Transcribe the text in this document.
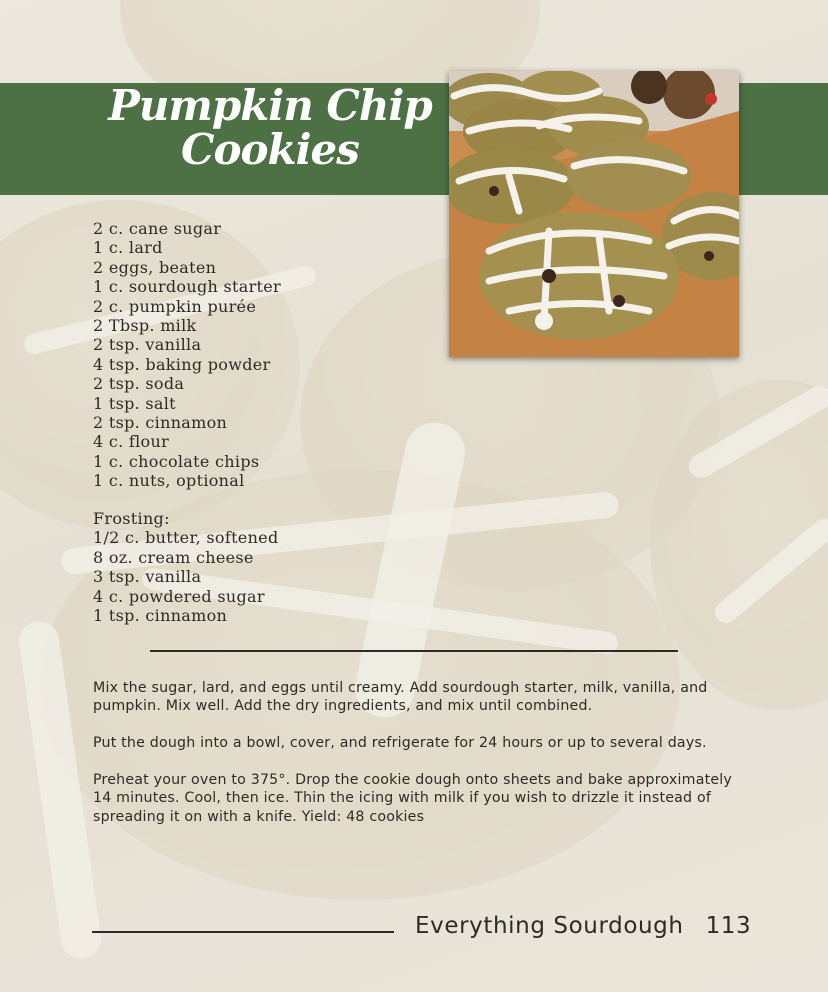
Pumpkin Chip
Cookies
2 c. cane sugar
1 c. lard
2 eggs, beaten
1 c. sourdough starter
2 c. pumpkin purée
2 Tbsp. milk
2 tsp. vanilla
4 tsp. baking powder
2 tsp. soda
1 tsp. salt
2 tsp. cinnamon
4 c. flour
1 c. chocolate chips
1 c. nuts, optional
Frosting:
1/2 c. butter, softened
8 oz. cream cheese
3 tsp. vanilla
4 c. powdered sugar
1 tsp. cinnamon

Mix the sugar, lard, and eggs until creamy. Add sourdough starter, milk, vanilla, and pumpkin. Mix well. Add the dry ingredients, and mix until combined.

Put the dough into a bowl, cover, and refrigerate for 24 hours or up to several days.

Preheat your oven to 375°. Drop the cookie dough onto sheets and bake approximately 14 minutes. Cool, then ice. Thin the icing with milk if you wish to drizzle it instead of spreading it on with a knife. Yield: 48 cookies

Everything Sourdough 113
